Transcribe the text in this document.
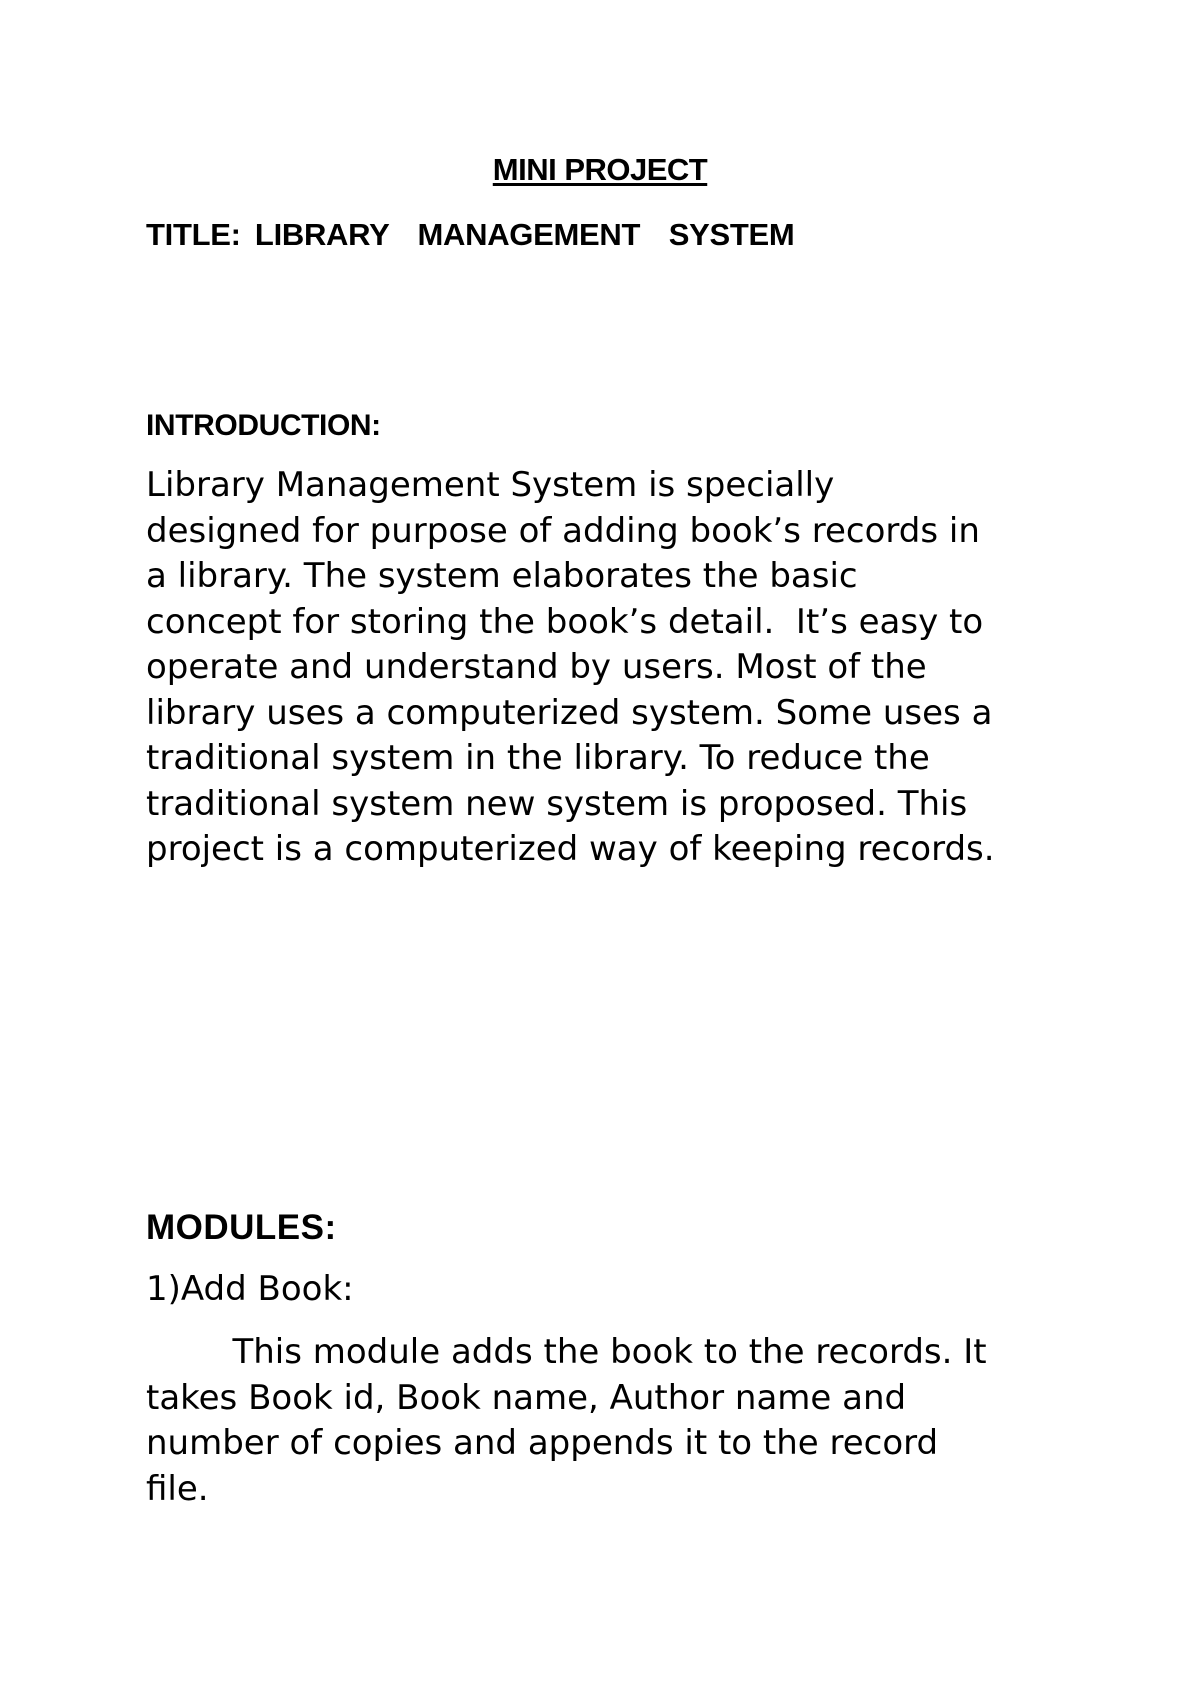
MINI PROJECT
TITLE: LIBRARY  MANAGEMENT  SYSTEM
INTRODUCTION:

Library Management System is specially
designed for purpose of adding book’s records in
a library. The system elaborates the basic
concept for storing the book’s detail.  It’s easy to
operate and understand by users. Most of the
library uses a computerized system. Some uses a
traditional system in the library. To reduce the
traditional system new system is proposed. This
project is a computerized way of keeping records.

MODULES:
1)Add Book:

This module adds the book to the records. It
takes Book id, Book name, Author name and
number of copies and appends it to the record
file.
